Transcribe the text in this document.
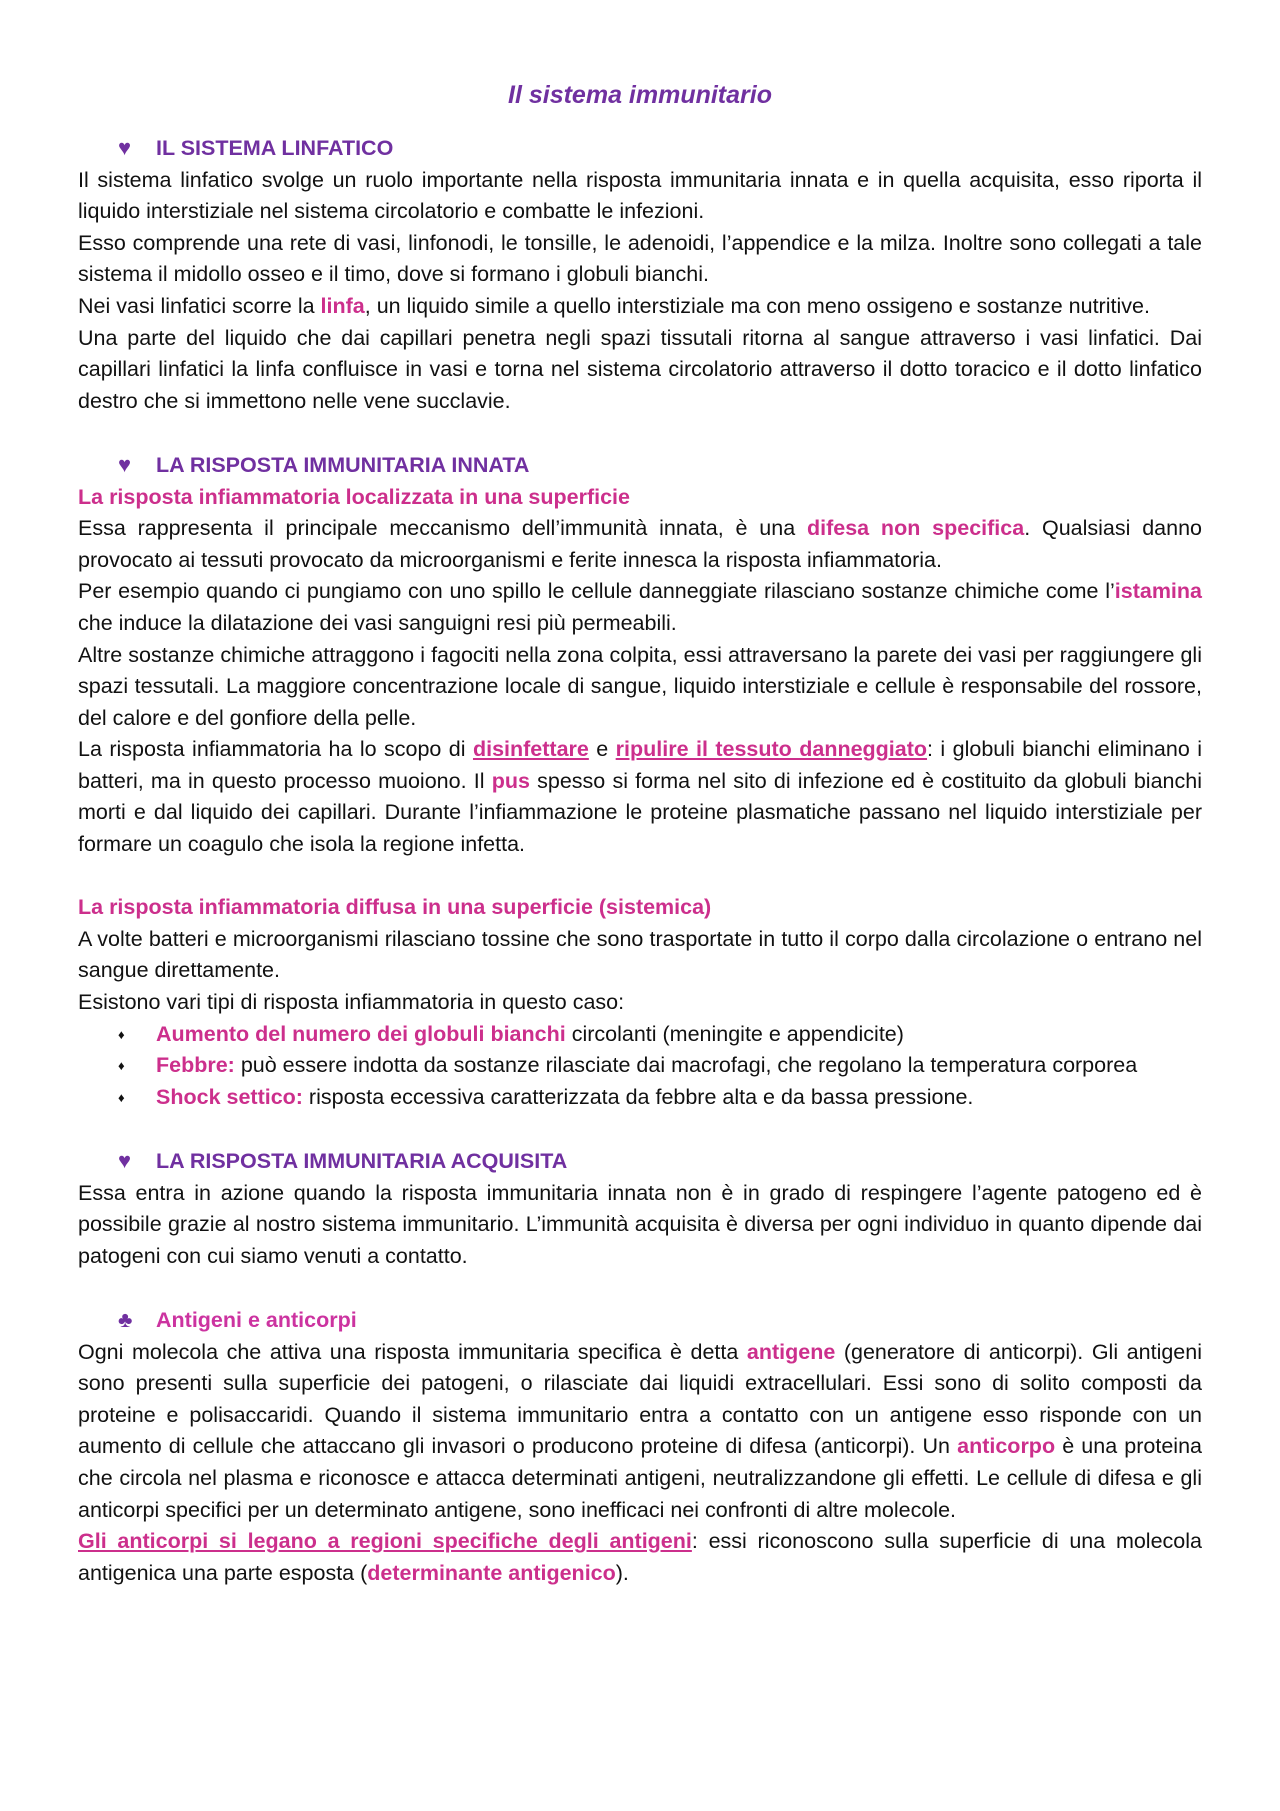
Il sistema immunitario
♥	IL SISTEMA LINFATICO

Il sistema linfatico svolge un ruolo importante nella risposta immunitaria innata e in quella acquisita, esso riporta il liquido interstiziale nel sistema circolatorio e combatte le infezioni.

Esso comprende una rete di vasi, linfonodi, le tonsille, le adenoidi, l’appendice e la milza. Inoltre sono collegati a tale sistema il midollo osseo e il timo, dove si formano i globuli bianchi.

Nei vasi linfatici scorre la linfa, un liquido simile a quello interstiziale ma con meno ossigeno e sostanze nutritive.

Una parte del liquido che dai capillari penetra negli spazi tissutali ritorna al sangue attraverso i vasi linfatici. Dai capillari linfatici la linfa confluisce in vasi e torna nel sistema circolatorio attraverso il dotto toracico e il dotto linfatico destro che si immettono nelle vene succlavie.

♥	LA RISPOSTA IMMUNITARIA INNATA

La risposta infiammatoria localizzata in una superficie

Essa rappresenta il principale meccanismo dell’immunità innata, è una difesa non specifica. Qualsiasi danno provocato ai tessuti provocato da microorganismi e ferite innesca la risposta infiammatoria.

Per esempio quando ci pungiamo con uno spillo le cellule danneggiate rilasciano sostanze chimiche come l’istamina che induce la dilatazione dei vasi sanguigni resi più permeabili.

Altre sostanze chimiche attraggono i fagociti nella zona colpita, essi attraversano la parete dei vasi per raggiungere gli spazi tessutali. La maggiore concentrazione locale di sangue, liquido interstiziale e cellule è responsabile del rossore, del calore e del gonfiore della pelle.

La risposta infiammatoria ha lo scopo di disinfettare e ripulire il tessuto danneggiato: i globuli bianchi eliminano i batteri, ma in questo processo muoiono. Il pus spesso si forma nel sito di infezione ed è costituito da globuli bianchi morti e dal liquido dei capillari. Durante l’infiammazione le proteine plasmatiche passano nel liquido interstiziale per formare un coagulo che isola la regione infetta.

La risposta infiammatoria diffusa in una superficie (sistemica)

A volte batteri e microorganismi rilasciano tossine che sono trasportate in tutto il corpo dalla circolazione o entrano nel sangue direttamente.

Esistono vari tipi di risposta infiammatoria in questo caso:

♦	Aumento del numero dei globuli bianchi circolanti (meningite e appendicite)
♦	Febbre: può essere indotta da sostanze rilasciate dai macrofagi, che regolano la temperatura corporea
♦	Shock settico: risposta eccessiva caratterizzata da febbre alta e da bassa pressione.
♥	LA RISPOSTA IMMUNITARIA ACQUISITA

Essa entra in azione quando la risposta immunitaria innata non è in grado di respingere l’agente patogeno ed è possibile grazie al nostro sistema immunitario. L’immunità acquisita è diversa per ogni individuo in quanto dipende dai patogeni con cui siamo venuti a contatto.

♣	Antigeni e anticorpi

Ogni molecola che attiva una risposta immunitaria specifica è detta antigene (generatore di anticorpi). Gli antigeni sono presenti sulla superficie dei patogeni, o rilasciate dai liquidi extracellulari. Essi sono di solito composti da proteine e polisaccaridi. Quando il sistema immunitario entra a contatto con un antigene esso risponde con un aumento di cellule che attaccano gli invasori o producono proteine di difesa (anticorpi). Un anticorpo è una proteina che circola nel plasma e riconosce e attacca determinati antigeni, neutralizzandone gli effetti. Le cellule di difesa e gli anticorpi specifici per un determinato antigene, sono inefficaci nei confronti di altre molecole.

Gli anticorpi si legano a regioni specifiche degli antigeni: essi riconoscono sulla superficie di una molecola antigenica una parte esposta (determinante antigenico).
